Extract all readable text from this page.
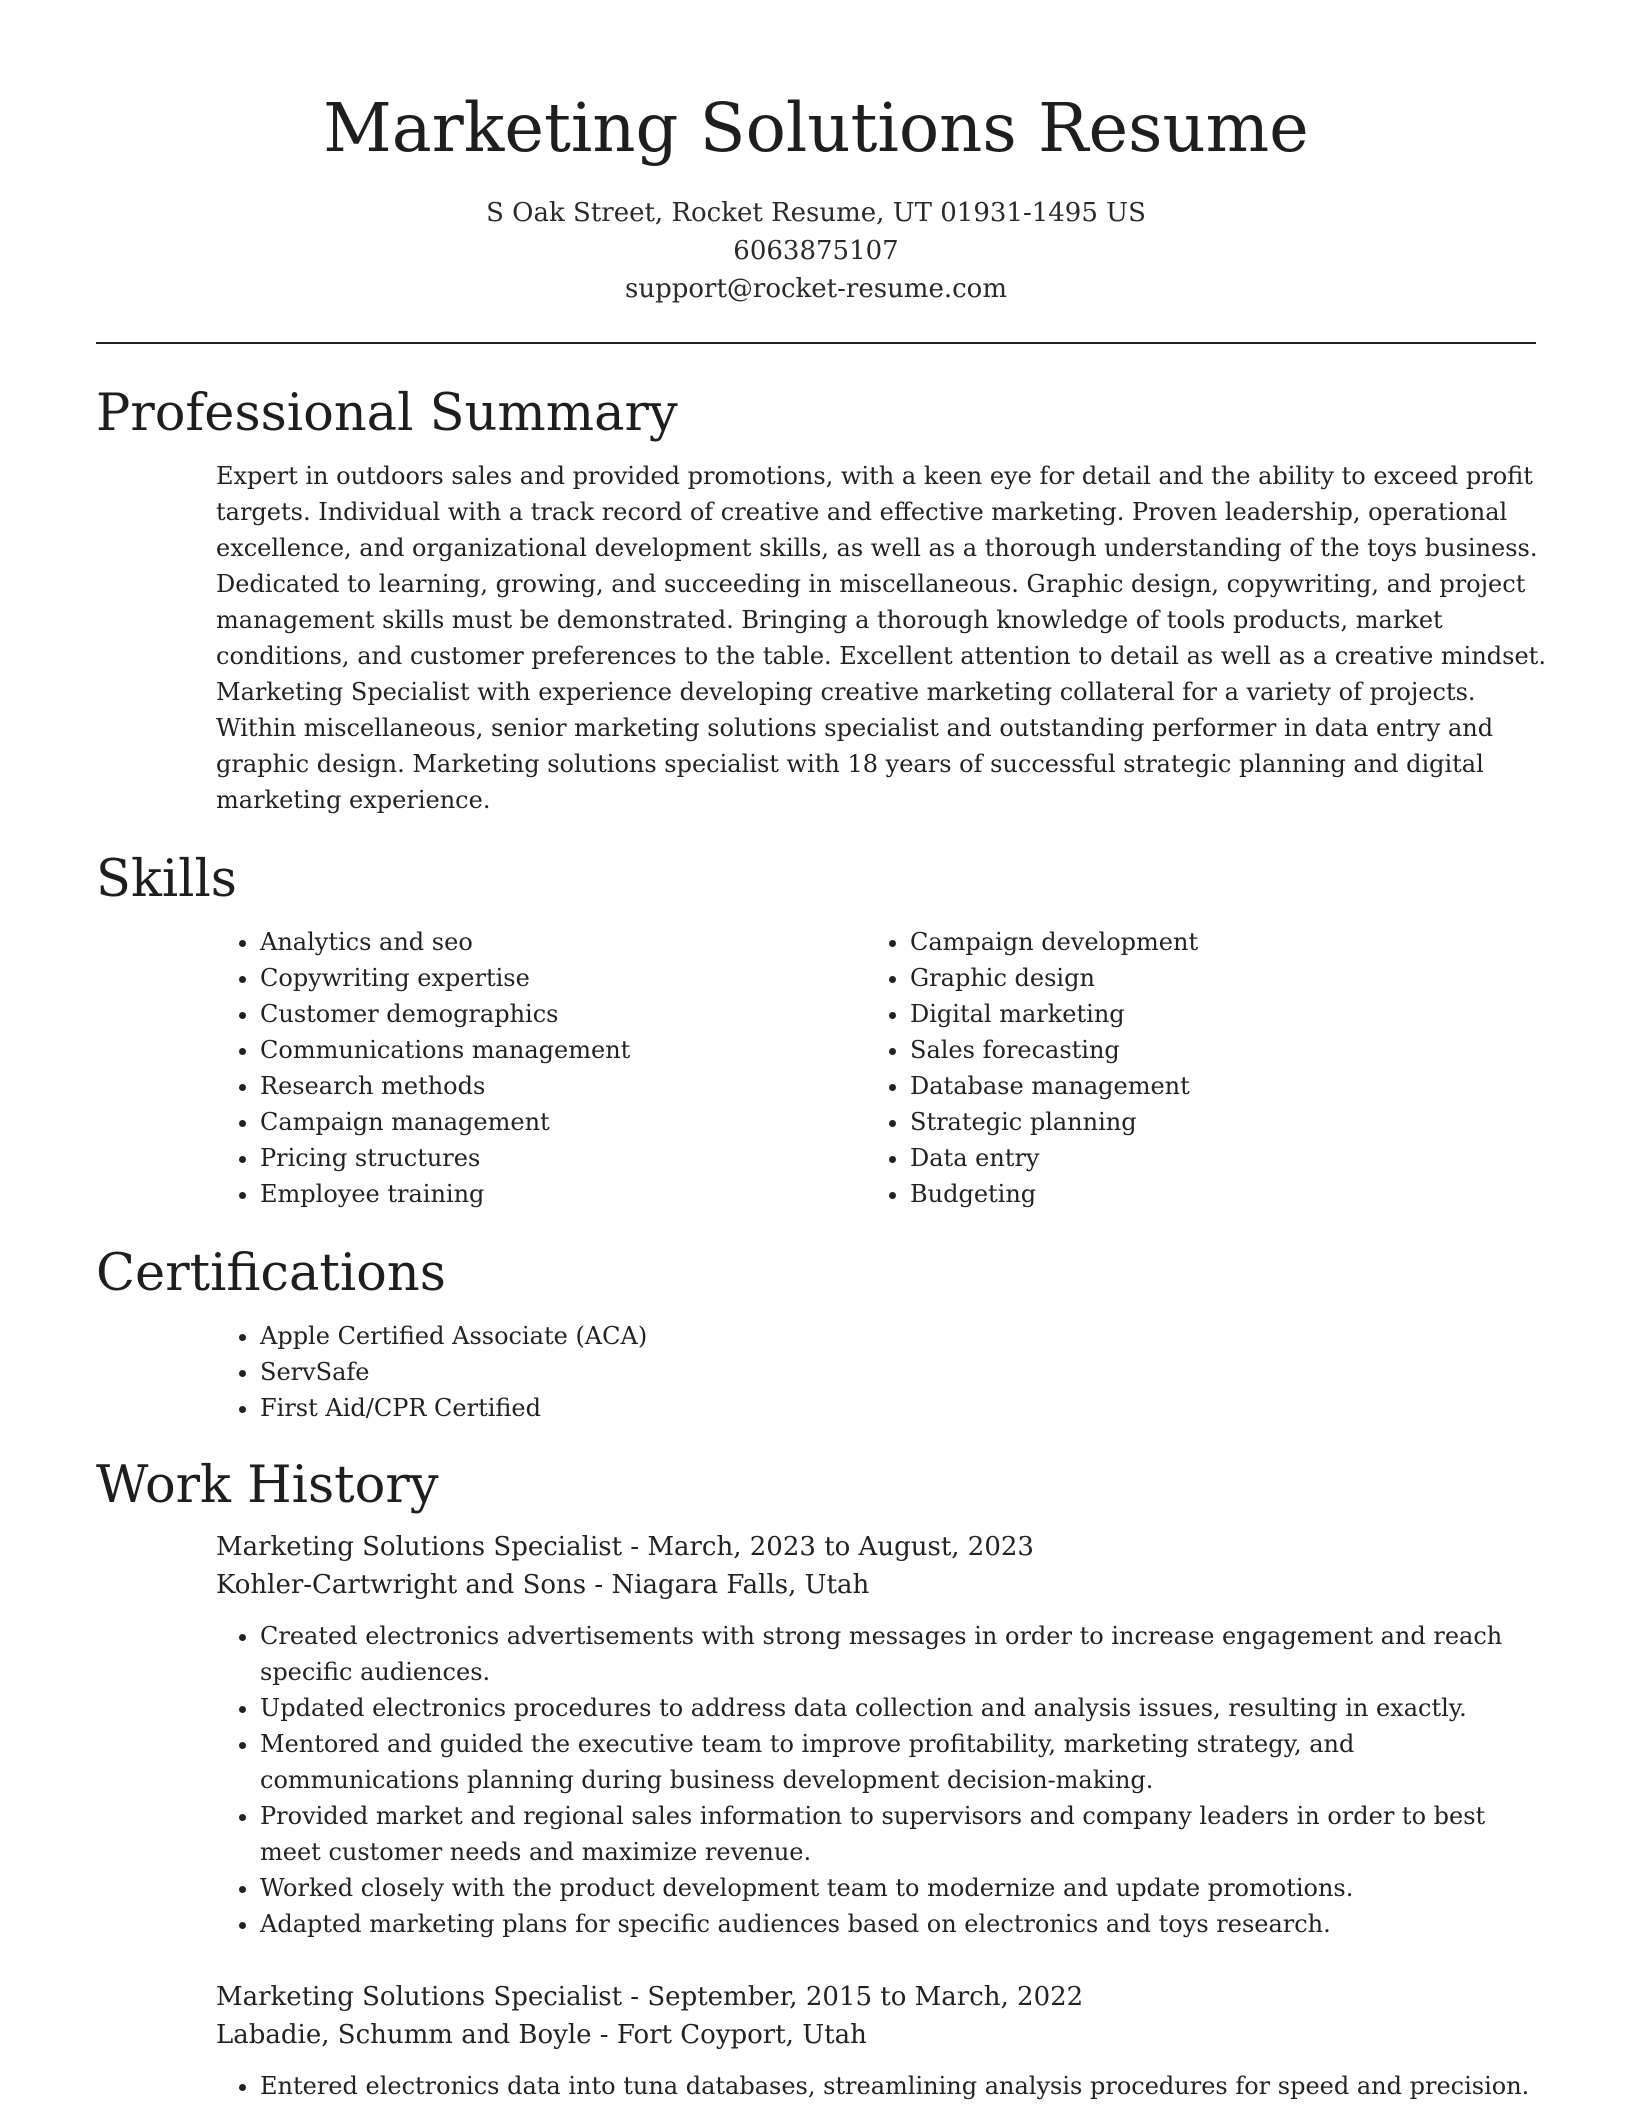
Marketing Solutions Resume
S Oak Street, Rocket Resume, UT 01931-1495 US
6063875107
support@rocket-resume.com
Professional Summary

Expert in outdoors sales and provided promotions, with a keen eye for detail and the ability to exceed profit targets. Individual with a track record of creative and effective marketing. Proven leadership, operational excellence, and organizational development skills, as well as a thorough understanding of the toys business. Dedicated to learning, growing, and succeeding in miscellaneous. Graphic design, copywriting, and project management skills must be demonstrated. Bringing a thorough knowledge of tools products, market conditions, and customer preferences to the table. Excellent attention to detail as well as a creative mindset. Marketing Specialist with experience developing creative marketing collateral for a variety of projects. Within miscellaneous, senior marketing solutions specialist and outstanding performer in data entry and graphic design. Marketing solutions specialist with 18 years of successful strategic planning and digital marketing experience.

Skills
• Analytics and seo
• Copywriting expertise
• Customer demographics
• Communications management
• Research methods
• Campaign management
• Pricing structures
• Employee training
• Campaign development
• Graphic design
• Digital marketing
• Sales forecasting
• Database management
• Strategic planning
• Data entry
• Budgeting
Certifications
• Apple Certified Associate (ACA)
• ServSafe
• First Aid/CPR Certified
Work History
Marketing Solutions Specialist - March, 2023 to August, 2023
Kohler-Cartwright and Sons - Niagara Falls, Utah
• Created electronics advertisements with strong messages in order to increase engagement and reach specific audiences.
• Updated electronics procedures to address data collection and analysis issues, resulting in exactly.
• Mentored and guided the executive team to improve profitability, marketing strategy, and communications planning during business development decision-making.
• Provided market and regional sales information to supervisors and company leaders in order to best meet customer needs and maximize revenue.
• Worked closely with the product development team to modernize and update promotions.
• Adapted marketing plans for specific audiences based on electronics and toys research.
Marketing Solutions Specialist - September, 2015 to March, 2022
Labadie, Schumm and Boyle - Fort Coyport, Utah
• Entered electronics data into tuna databases, streamlining analysis procedures for speed and precision.
